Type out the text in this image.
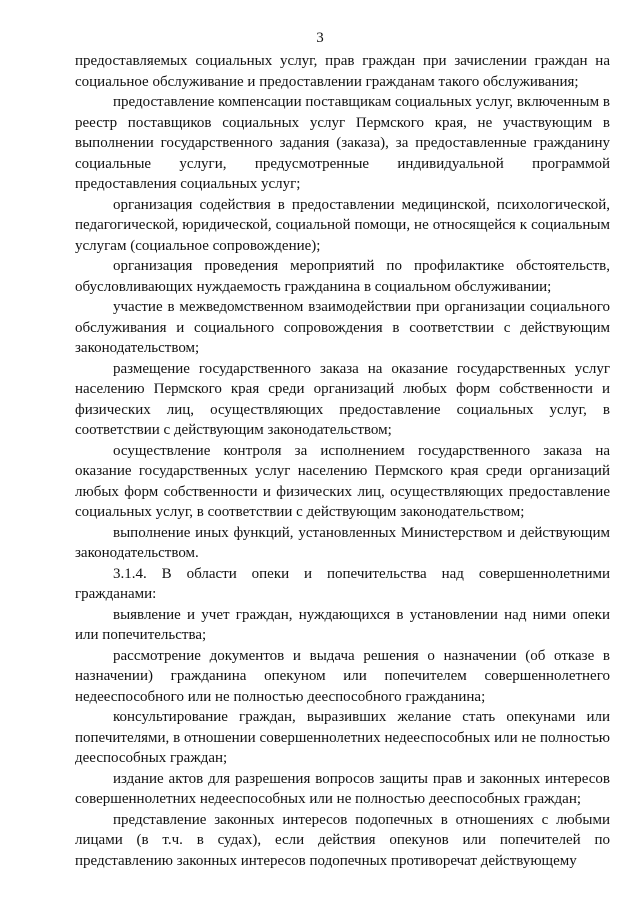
3

предоставляемых социальных услуг, прав граждан при зачислении граждан на социальное обслуживание и предоставлении гражданам такого обслуживания;

предоставление компенсации поставщикам социальных услуг, включенным в реестр поставщиков социальных услуг Пермского края, не участвующим в выполнении государственного задания (заказа), за предоставленные гражданину социальные услуги, предусмотренные индивидуальной программой предоставления социальных услуг;

организация содействия в предоставлении медицинской, психологической, педагогической, юридической, социальной помощи, не относящейся к социальным услугам (социальное сопровождение);

организация проведения мероприятий по профилактике обстоятельств, обусловливающих нуждаемость гражданина в социальном обслуживании;

участие в межведомственном взаимодействии при организации социального обслуживания и социального сопровождения в соответствии с действующим законодательством;

размещение государственного заказа на оказание государственных услуг населению Пермского края среди организаций любых форм собственности и физических лиц, осуществляющих предоставление социальных услуг, в соответствии с действующим законодательством;

осуществление контроля за исполнением государственного заказа на оказание государственных услуг населению Пермского края среди организаций любых форм собственности и физических лиц, осуществляющих предоставление социальных услуг, в соответствии с действующим законодательством;

выполнение иных функций, установленных Министерством и действующим законодательством.

3.1.4. В области опеки и попечительства над совершеннолетними гражданами:

выявление и учет граждан, нуждающихся в установлении над ними опеки или попечительства;

рассмотрение документов и выдача решения о назначении (об отказе в назначении) гражданина опекуном или попечителем совершеннолетнего недееспособного или не полностью дееспособного гражданина;

консультирование граждан, выразивших желание стать опекунами или попечителями, в отношении совершеннолетних недееспособных или не полностью дееспособных граждан;

издание актов для разрешения вопросов защиты прав и законных интересов совершеннолетних недееспособных или не полностью дееспособных граждан;

представление законных интересов подопечных в отношениях с любыми лицами (в т.ч. в судах), если действия опекунов или попечителей по представлению законных интересов подопечных противоречат действующему
